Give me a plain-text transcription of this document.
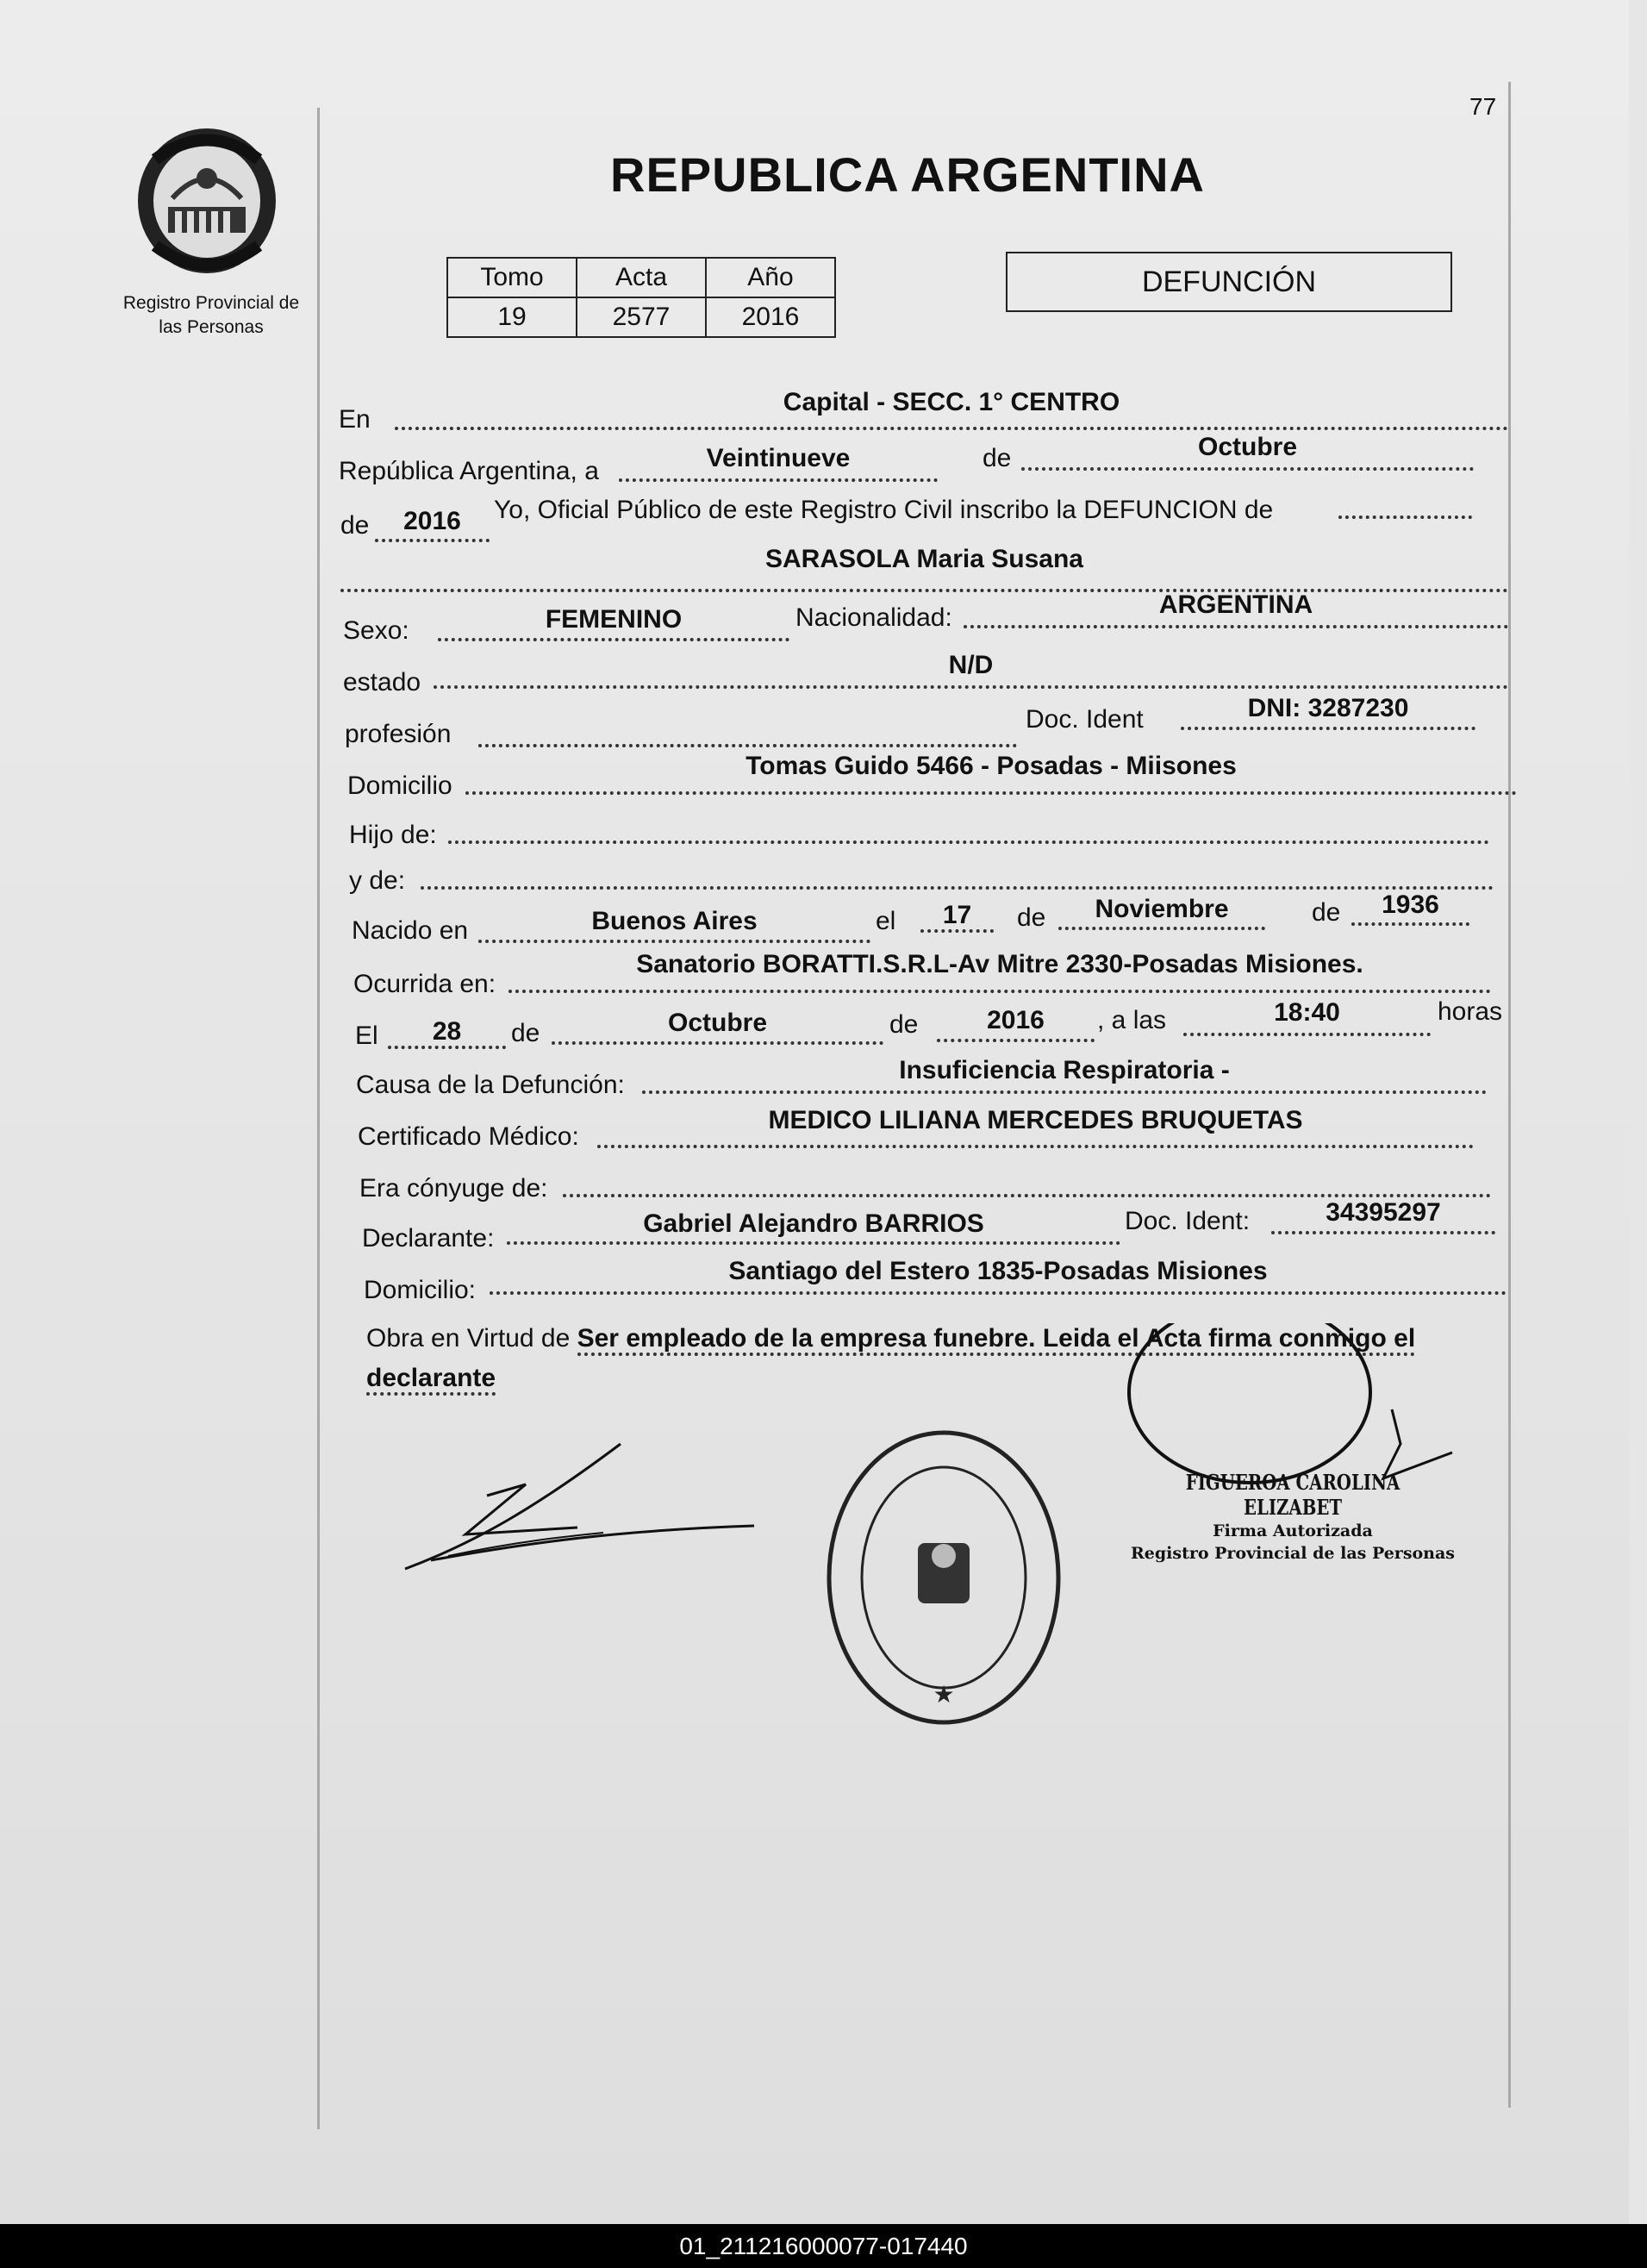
77
Registro Provincial de
las Personas
REPUBLICA ARGENTINA
Tomo	Acta	Año
19	2577	2016
DEFUNCIÓN
En
Capital - SECC. 1° CENTRO
República Argentina, a	Veintinueve	de	Octubre
de	2016	Yo, Oficial Público de este Registro Civil inscribo la DEFUNCION de
SARASOLA Maria Susana
Sexo:	FEMENINO	Nacionalidad:	ARGENTINA
estado
N/D
profesión
Doc. Ident	DNI: 3287230
Domicilio
Tomas Guido 5466 - Posadas - Miisones
Hijo de:
y de:
Nacido en	Buenos Aires	el	17	de	Noviembre	de	1936
Ocurrida en:
Sanatorio BORATTI.S.R.L-Av Mitre 2330-Posadas Misiones.
El	28	de	Octubre	de	2016	, a las	18:40	horas
Causa de la Defunción:
Insuficiencia Respiratoria -
Certificado Médico:
MEDICO LILIANA MERCEDES BRUQUETAS
Era cónyuge de:
Declarante:
Gabriel Alejandro BARRIOS	Doc. Ident:	34395297
Domicilio:
Santiago del Estero 1835-Posadas Misiones
Obra en Virtud de Ser empleado de la empresa funebre. Leida el Acta firma conmigo el declarante
★
FIGUEROA CAROLINA ELIZABET
Firma Autorizada
Registro Provincial de las Personas
01_211216000077-017440
